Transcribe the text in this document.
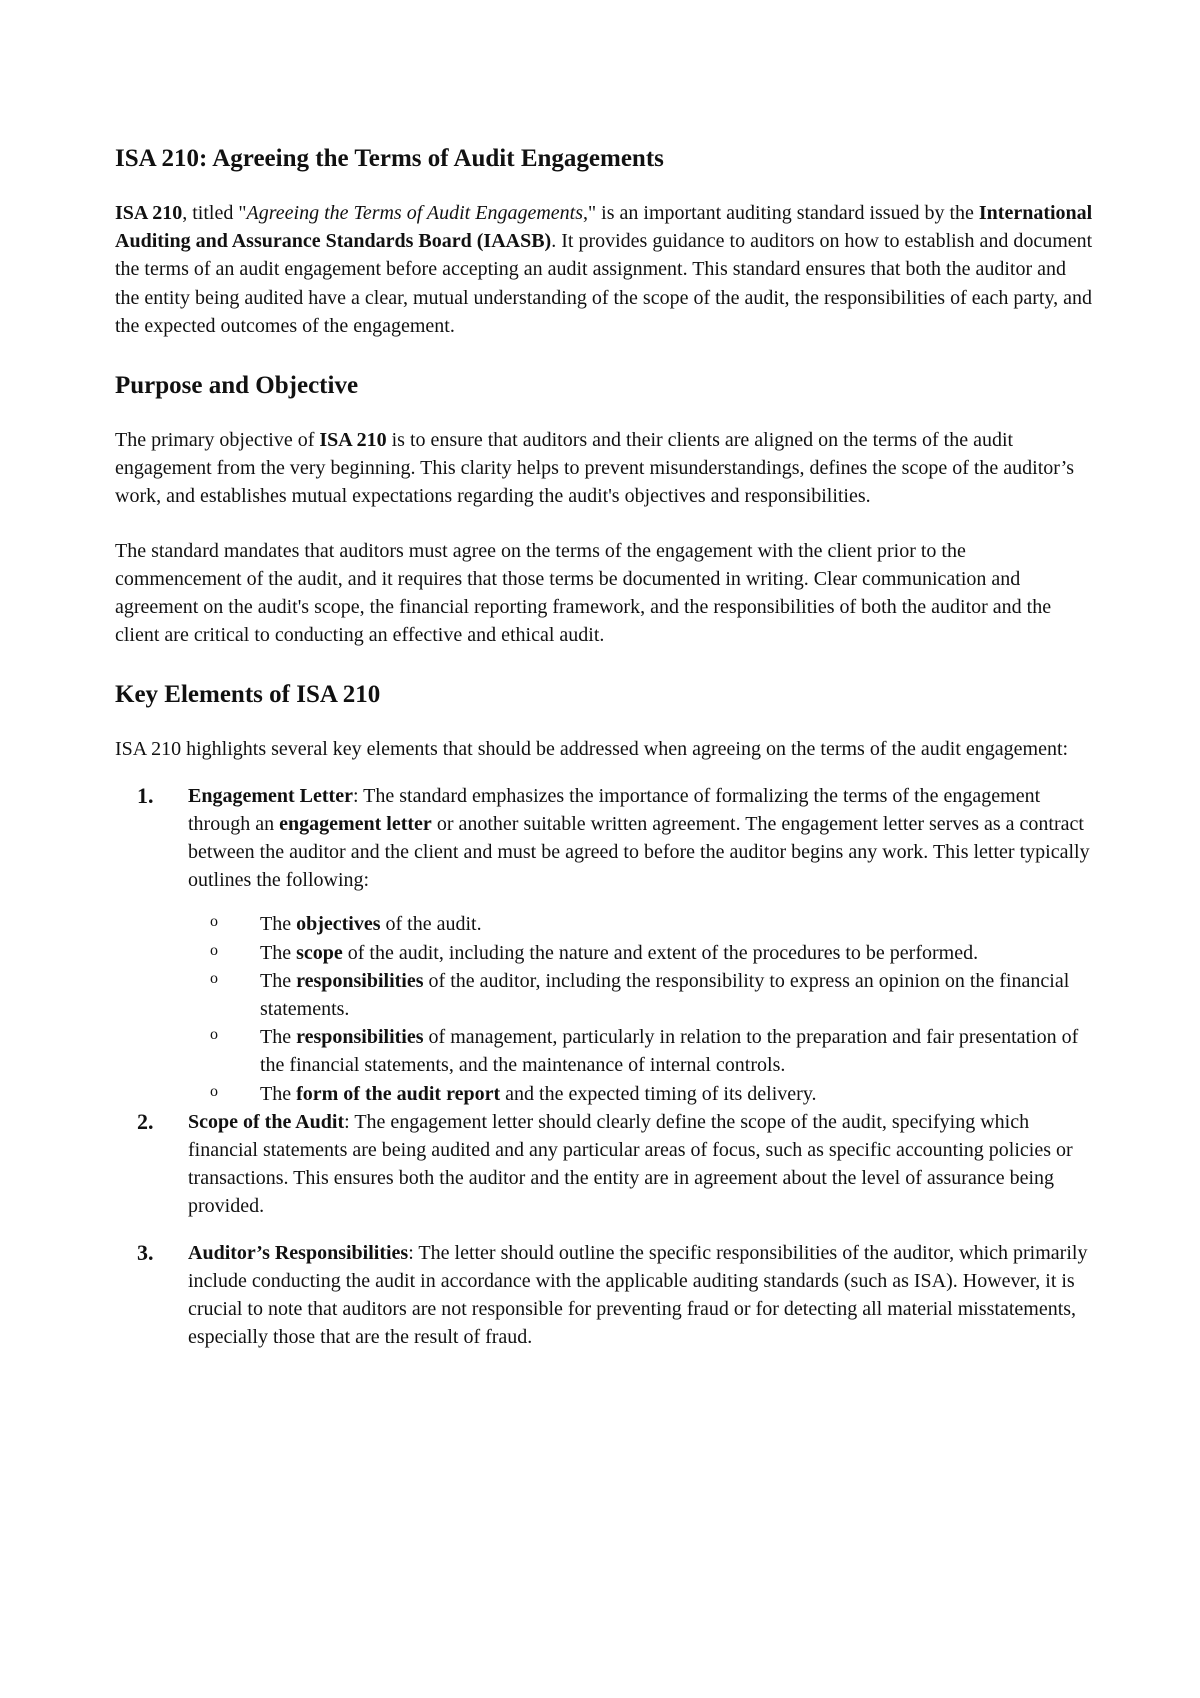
ISA 210: Agreeing the Terms of Audit Engagements

ISA 210, titled "Agreeing the Terms of Audit Engagements," is an important auditing standard issued by the International Auditing and Assurance Standards Board (IAASB). It provides guidance to auditors on how to establish and document the terms of an audit engagement before accepting an audit assignment. This standard ensures that both the auditor and the entity being audited have a clear, mutual understanding of the scope of the audit, the responsibilities of each party, and the expected outcomes of the engagement.

Purpose and Objective

The primary objective of ISA 210 is to ensure that auditors and their clients are aligned on the terms of the audit engagement from the very beginning. This clarity helps to prevent misunderstandings, defines the scope of the auditor’s work, and establishes mutual expectations regarding the audit's objectives and responsibilities.

The standard mandates that auditors must agree on the terms of the engagement with the client prior to the commencement of the audit, and it requires that those terms be documented in writing. Clear communication and agreement on the audit's scope, the financial reporting framework, and the responsibilities of both the auditor and the client are critical to conducting an effective and ethical audit.

Key Elements of ISA 210

ISA 210 highlights several key elements that should be addressed when agreeing on the terms of the audit engagement:

1. Engagement Letter: The standard emphasizes the importance of formalizing the terms of the engagement through an engagement letter or another suitable written agreement. The engagement letter serves as a contract between the auditor and the client and must be agreed to before the auditor begins any work. This letter typically outlines the following:
o The objectives of the audit.
o The scope of the audit, including the nature and extent of the procedures to be performed.
o The responsibilities of the auditor, including the responsibility to express an opinion on the financial statements.
o The responsibilities of management, particularly in relation to the preparation and fair presentation of the financial statements, and the maintenance of internal controls.
o The form of the audit report and the expected timing of its delivery.
2. Scope of the Audit: The engagement letter should clearly define the scope of the audit, specifying which financial statements are being audited and any particular areas of focus, such as specific accounting policies or transactions. This ensures both the auditor and the entity are in agreement about the level of assurance being provided.
3. Auditor’s Responsibilities: The letter should outline the specific responsibilities of the auditor, which primarily include conducting the audit in accordance with the applicable auditing standards (such as ISA). However, it is crucial to note that auditors are not responsible for preventing fraud or for detecting all material misstatements, especially those that are the result of fraud.
